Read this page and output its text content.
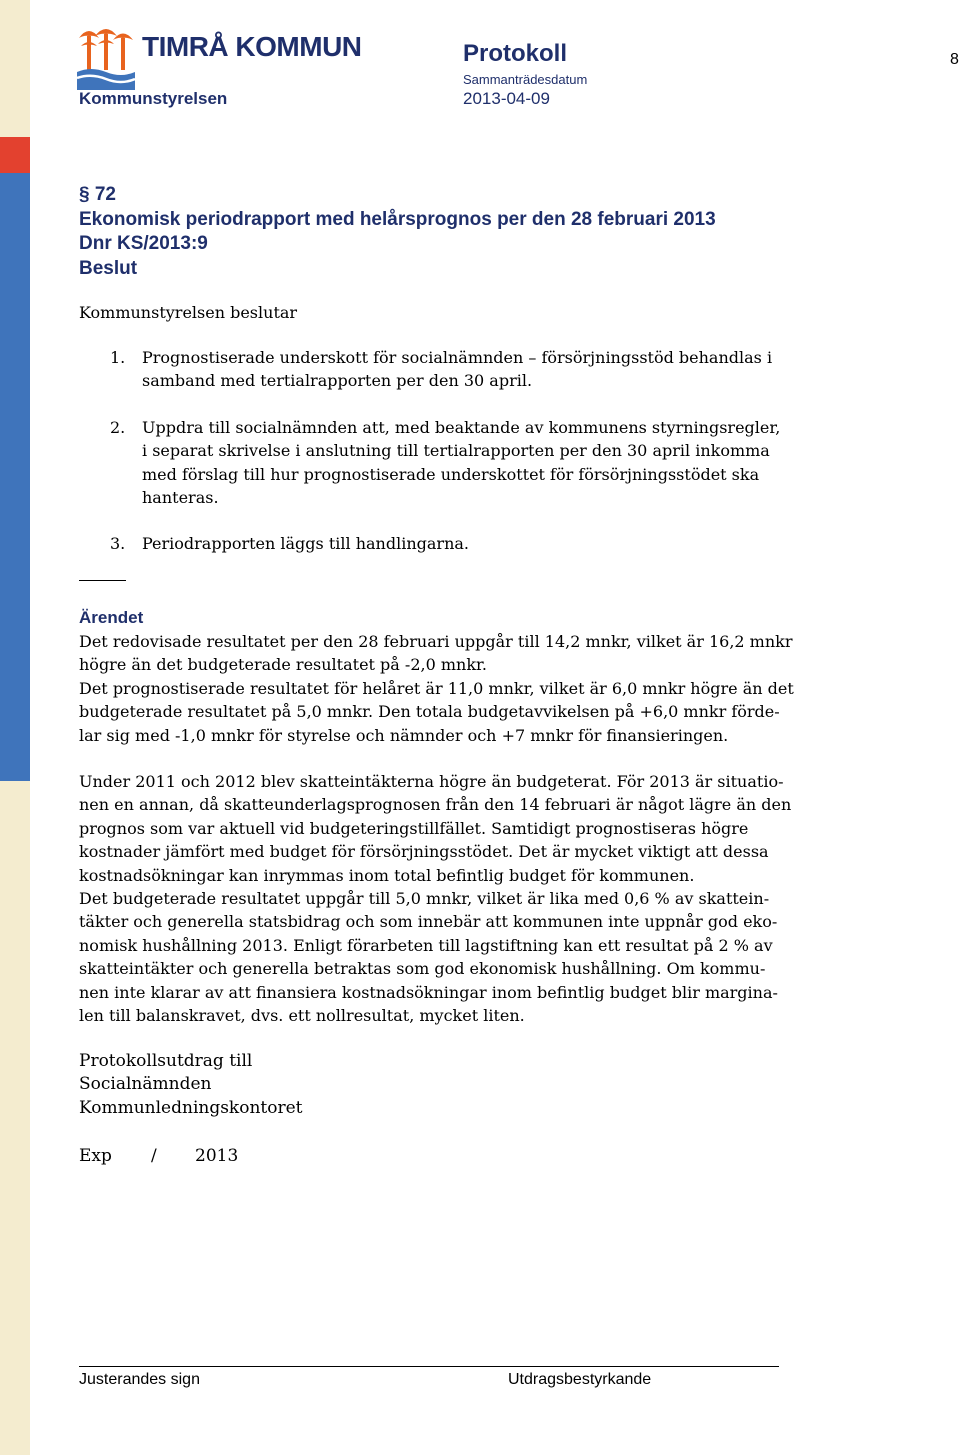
TIMRÅ KOMMUN
Kommunstyrelsen
Protokoll
Sammanträdesdatum
2013-04-09
8
§ 72
Ekonomisk periodrapport med helårsprognos per den 28 februari 2013
Dnr KS/2013:9
Beslut
Kommunstyrelsen beslutar
1. Prognostiserade underskott för socialnämnden – försörjningsstöd behandlas i
samband med tertialrapporten per den 30 april.
2. Uppdra till socialnämnden att, med beaktande av kommunens styrningsregler,
i separat skrivelse i anslutning till tertialrapporten per den 30 april inkomma
med förslag till hur prognostiserade underskottet för försörjningsstödet ska
hanteras.
3. Periodrapporten läggs till handlingarna.
Ärendet
Det redovisade resultatet per den 28 februari uppgår till 14,2 mnkr, vilket är 16,2 mnkr
högre än det budgeterade resultatet på -2,0 mnkr.
Det prognostiserade resultatet för helåret är 11,0 mnkr, vilket är 6,0 mnkr högre än det
budgeterade resultatet på 5,0 mnkr. Den totala budgetavvikelsen på +6,0 mnkr förde-
lar sig med -1,0 mnkr för styrelse och nämnder och +7 mnkr för finansieringen.
Under 2011 och 2012 blev skatteintäkterna högre än budgeterat. För 2013 är situatio-
nen en annan, då skatteunderlagsprognosen från den 14 februari är något lägre än den
prognos som var aktuell vid budgeteringstillfället. Samtidigt prognostiseras högre
kostnader jämfört med budget för försörjningsstödet. Det är mycket viktigt att dessa
kostnadsökningar kan inrymmas inom total befintlig budget för kommunen.
Det budgeterade resultatet uppgår till 5,0 mnkr, vilket är lika med 0,6 % av skattein-
täkter och generella statsbidrag och som innebär att kommunen inte uppnår god eko-
nomisk hushållning 2013. Enligt förarbeten till lagstiftning kan ett resultat på 2 % av
skatteintäkter och generella betraktas som god ekonomisk hushållning. Om kommu-
nen inte klarar av att finansiera kostnadsökningar inom befintlig budget blir margina-
len till balanskravet, dvs. ett nollresultat, mycket liten.
Protokollsutdrag till
Socialnämnden
Kommunledningskontoret
Exp / 2013
Justerandes sign	Utdragsbestyrkande
